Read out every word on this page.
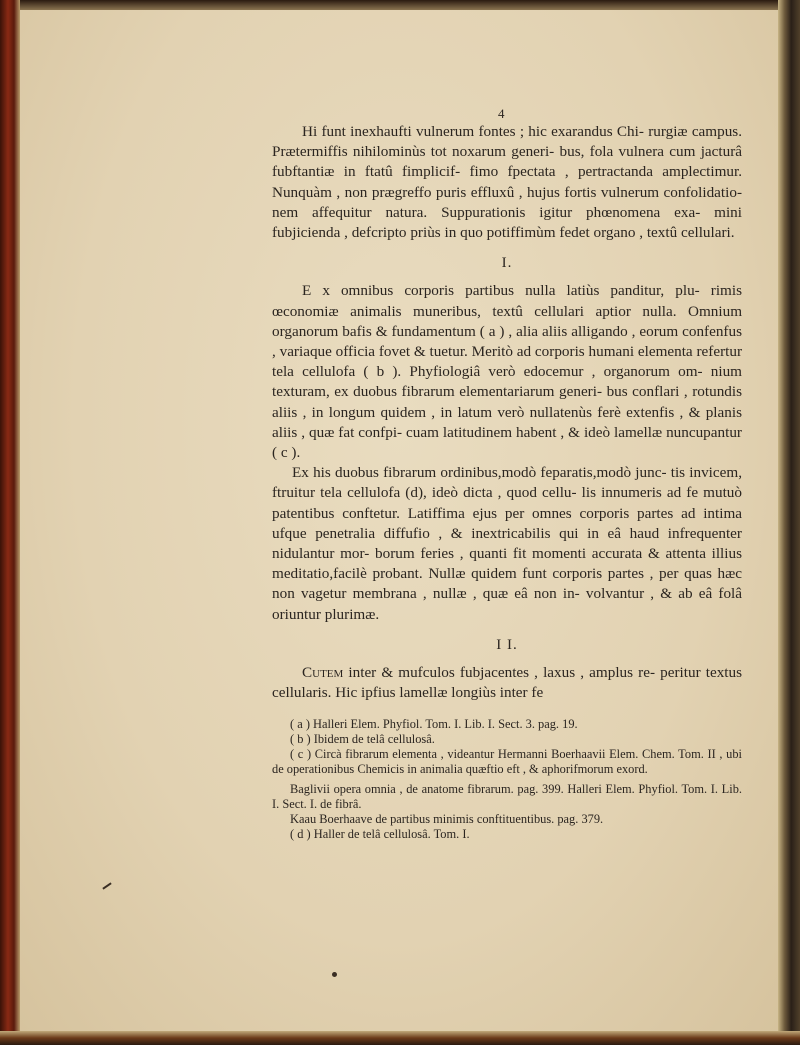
4

Hi funt inexhaufti vulnerum fontes ; hic exarandus Chi- rurgiæ campus. Prætermiffis nihilominùs tot noxarum generi- bus, fola vulnera cum jacturâ fubftantiæ in ftatû fimplicif- fimo fpectata , pertractanda amplectimur. Nunquàm , non prægreffo puris effluxû , hujus fortis vulnerum confolidatio- nem affequitur natura. Suppurationis igitur phœnomena exa- mini fubjicienda , defcripto priùs in quo potiffimùm fedet organo , textû cellulari.

I.

E x omnibus corporis partibus nulla latiùs panditur, plu- rimis œconomiæ animalis muneribus, textû cellulari aptior nulla. Omnium organorum bafis & fundamentum ( a ) , alia aliis alligando , eorum confenfus , variaque officia fovet & tuetur. Meritò ad corporis humani elementa refertur tela cellulofa ( b ). Phyfiologiâ verò edocemur , organorum om- nium texturam, ex duobus fibrarum elementariarum generi- bus conflari , rotundis aliis , in longum quidem , in latum verò nullatenùs ferè extenfis , & planis aliis , quæ fat confpi- cuam latitudinem habent , & ideò lamellæ nuncupantur ( c ).

Ex his duobus fibrarum ordinibus,modò feparatis,modò junc- tis invicem, ftruitur tela cellulofa (d), ideò dicta , quod cellu- lis innumeris ad fe mutuò patentibus conftetur. Latiffima ejus per omnes corporis partes ad intima ufque penetralia diffufio , & inextricabilis qui in eâ haud infrequenter nidulantur mor- borum feries , quanti fit momenti accurata & attenta illius meditatio,facilè probant. Nullæ quidem funt corporis partes , per quas hæc non vagetur membrana , nullæ , quæ eâ non in- volvantur , & ab eâ folâ oriuntur plurimæ.

I I.

Cutem inter & mufculos fubjacentes , laxus , amplus re- peritur textus cellularis. Hic ipfius lamellæ longiùs inter fe

( a ) Halleri Elem. Phyfiol. Tom. I. Lib. I. Sect. 3. pag. 19.

( b ) Ibidem de telâ cellulosâ.

( c ) Circà fibrarum elementa , videantur Hermanni Boerhaavii Elem. Chem. Tom. II , ubi de operationibus Chemicis in animalia quæftio eft , & aphorifmorum exord.

Baglivii opera omnia , de anatome fibrarum. pag. 399. Halleri Elem. Phyfiol. Tom. I. Lib. I. Sect. I. de fibrâ.

Kaau Boerhaave de partibus minimis conftituentibus. pag. 379.

( d ) Haller de telâ cellulosâ. Tom. I.
